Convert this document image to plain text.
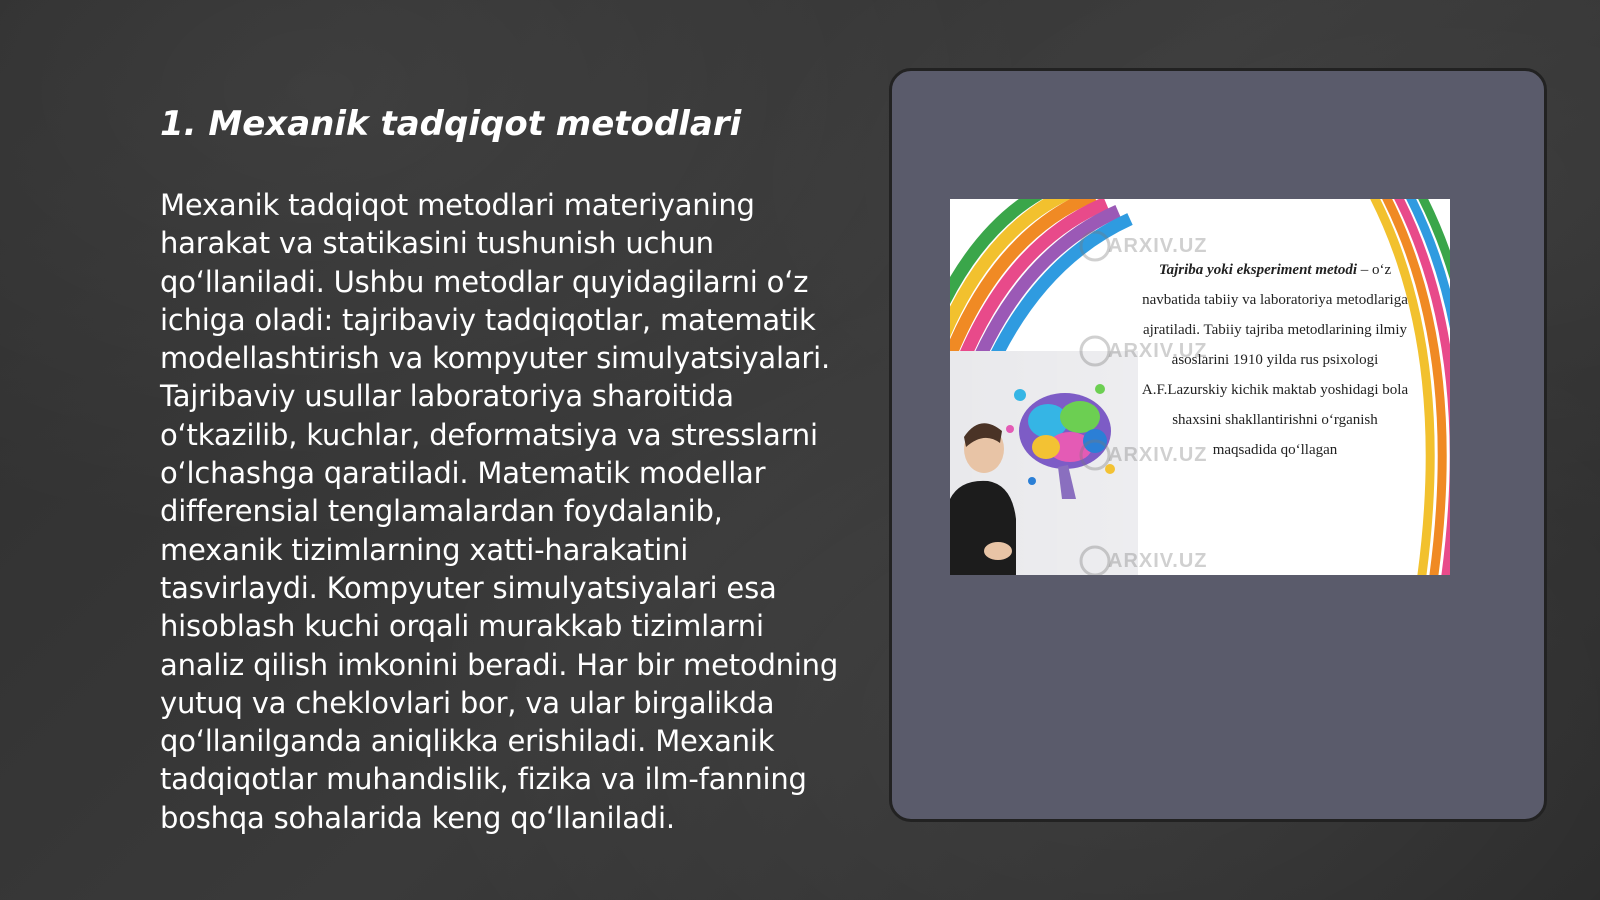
1. Mexanik tadqiqot metodlari

Mexanik tadqiqot metodlari materiyaning harakat va statikasini tushunish uchun qo‘llaniladi. Ushbu metodlar quyidagilarni o‘z ichiga oladi: tajribaviy tadqiqotlar, matematik modellashtirish va kompyuter simulyatsiyalari. Tajribaviy usullar laboratoriya sharoitida o‘tkazilib, kuchlar, deformatsiya va stresslarni o‘lchashga qaratiladi. Matematik modellar differensial tenglamalardan foydalanib, mexanik tizimlarning xatti-harakatini tasvirlaydi. Kompyuter simulyatsiyalari esa hisoblash kuchi orqali murakkab tizimlarni analiz qilish imkonini beradi. Har bir metodning yutuq va cheklovlari bor, va ular birgalikda qo‘llanilganda aniqlikka erishiladi. Mexanik tadqiqotlar muhandislik, fizika va ilm-fanning boshqa sohalarida keng qo‘llaniladi.

ARXIV.UZ
ARXIV.UZ
ARXIV.UZ
ARXIV.UZ
Tajriba yoki eksperiment metodi – o‘z navbatida tabiiy va laboratoriya metodlariga ajratiladi. Tabiiy tajriba metodlarining ilmiy asoslarini 1910 yilda rus psixologi A.F.Lazurskiy kichik maktab yoshidagi bola shaxsini shakllantirishni o‘rganish maqsadida qo‘llagan
